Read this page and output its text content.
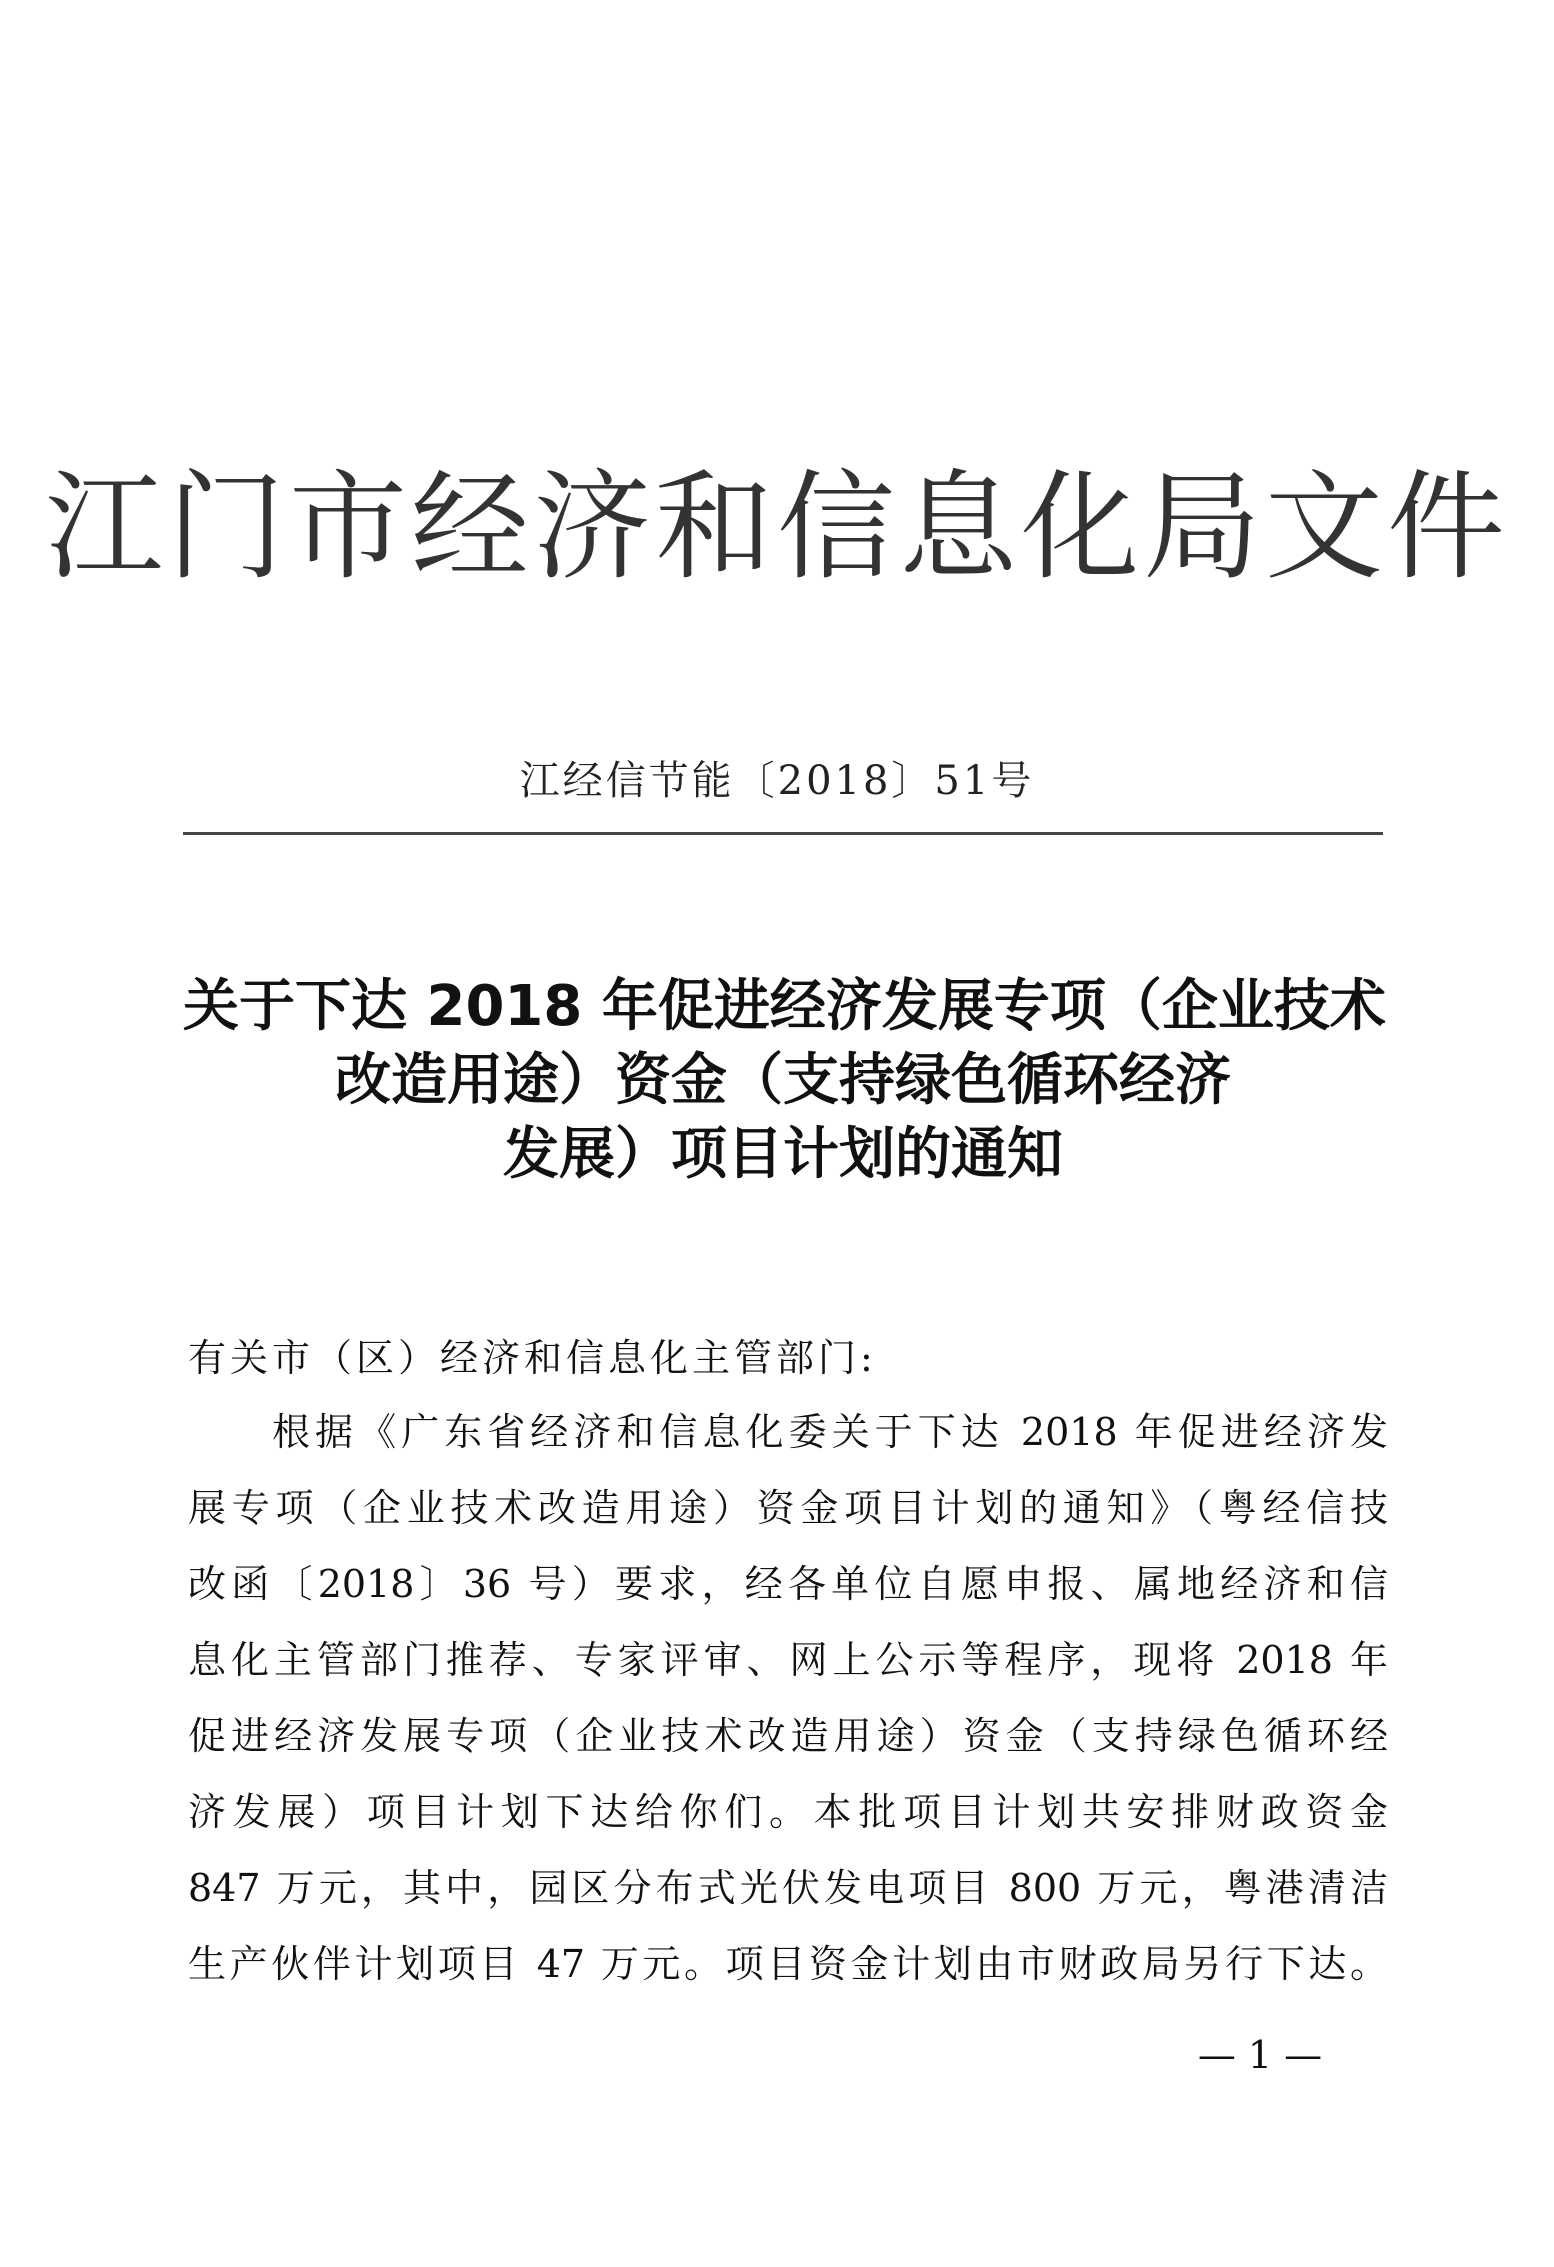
江门市经济和信息化局文件
江经信节能〔2018〕51号
关于下达 2018 年促进经济发展专项（企业技术
改造用途）资金（支持绿色循环经济
发展）项目计划的通知
有关市（区）经济和信息化主管部门:
根据《广东省经济和信息化委关于下达 2018 年促进经济发
展专项（企业技术改造用途）资金项目计划的通知》（粤经信技
改函〔2018〕36 号）要求，经各单位自愿申报、属地经济和信
息化主管部门推荐、专家评审、网上公示等程序，现将 2018 年
促进经济发展专项（企业技术改造用途）资金（支持绿色循环经
济发展）项目计划下达给你们。本批项目计划共安排财政资金
847 万元，其中，园区分布式光伏发电项目 800 万元，粤港清洁
生产伙伴计划项目 47 万元。项目资金计划由市财政局另行下达。
— 1 —
